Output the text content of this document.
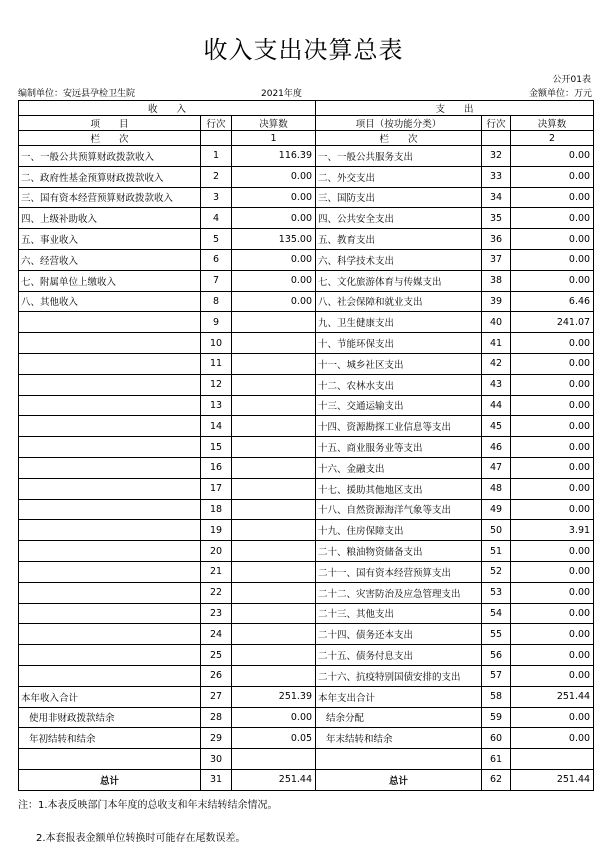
收入支出决算总表
公开01表
编制单位：安远县孕检卫生院	2021年度	金额单位：万元
收　　入			支　　出		
项　　目	行次	决算数	项目（按功能分类）	行次	决算数
栏　　次		1	栏　　次		2
一、一般公共预算财政拨款收入	1	116.39	一、一般公共服务支出	32	0.00
二、政府性基金预算财政拨款收入	2	0.00	二、外交支出	33	0.00
三、国有资本经营预算财政拨款收入	3	0.00	三、国防支出	34	0.00
四、上级补助收入	4	0.00	四、公共安全支出	35	0.00
五、事业收入	5	135.00	五、教育支出	36	0.00
六、经营收入	6	0.00	六、科学技术支出	37	0.00
七、附属单位上缴收入	7	0.00	七、文化旅游体育与传媒支出	38	0.00
八、其他收入	8	0.00	八、社会保障和就业支出	39	6.46
	9		九、卫生健康支出	40	241.07
	10		十、节能环保支出	41	0.00
	11		十一、城乡社区支出	42	0.00
	12		十二、农林水支出	43	0.00
	13		十三、交通运输支出	44	0.00
	14		十四、资源勘探工业信息等支出	45	0.00
	15		十五、商业服务业等支出	46	0.00
	16		十六、金融支出	47	0.00
	17		十七、援助其他地区支出	48	0.00
	18		十八、自然资源海洋气象等支出	49	0.00
	19		十九、住房保障支出	50	3.91
	20		二十、粮油物资储备支出	51	0.00
	21		二十一、国有资本经营预算支出	52	0.00
	22		二十二、灾害防治及应急管理支出	53	0.00
	23		二十三、其他支出	54	0.00
	24		二十四、债务还本支出	55	0.00
	25		二十五、债务付息支出	56	0.00
	26		二十六、抗疫特别国债安排的支出	57	0.00
本年收入合计	27	251.39	本年支出合计	58	251.44
使用非财政拨款结余	28	0.00	结余分配	59	0.00
年初结转和结余	29	0.05	年末结转和结余	60	0.00
	30			61	
总计	31	251.44	总计	62	251.44
注：1.本表反映部门本年度的总收支和年末结转结余情况。
2.本套报表金额单位转换时可能存在尾数误差。
